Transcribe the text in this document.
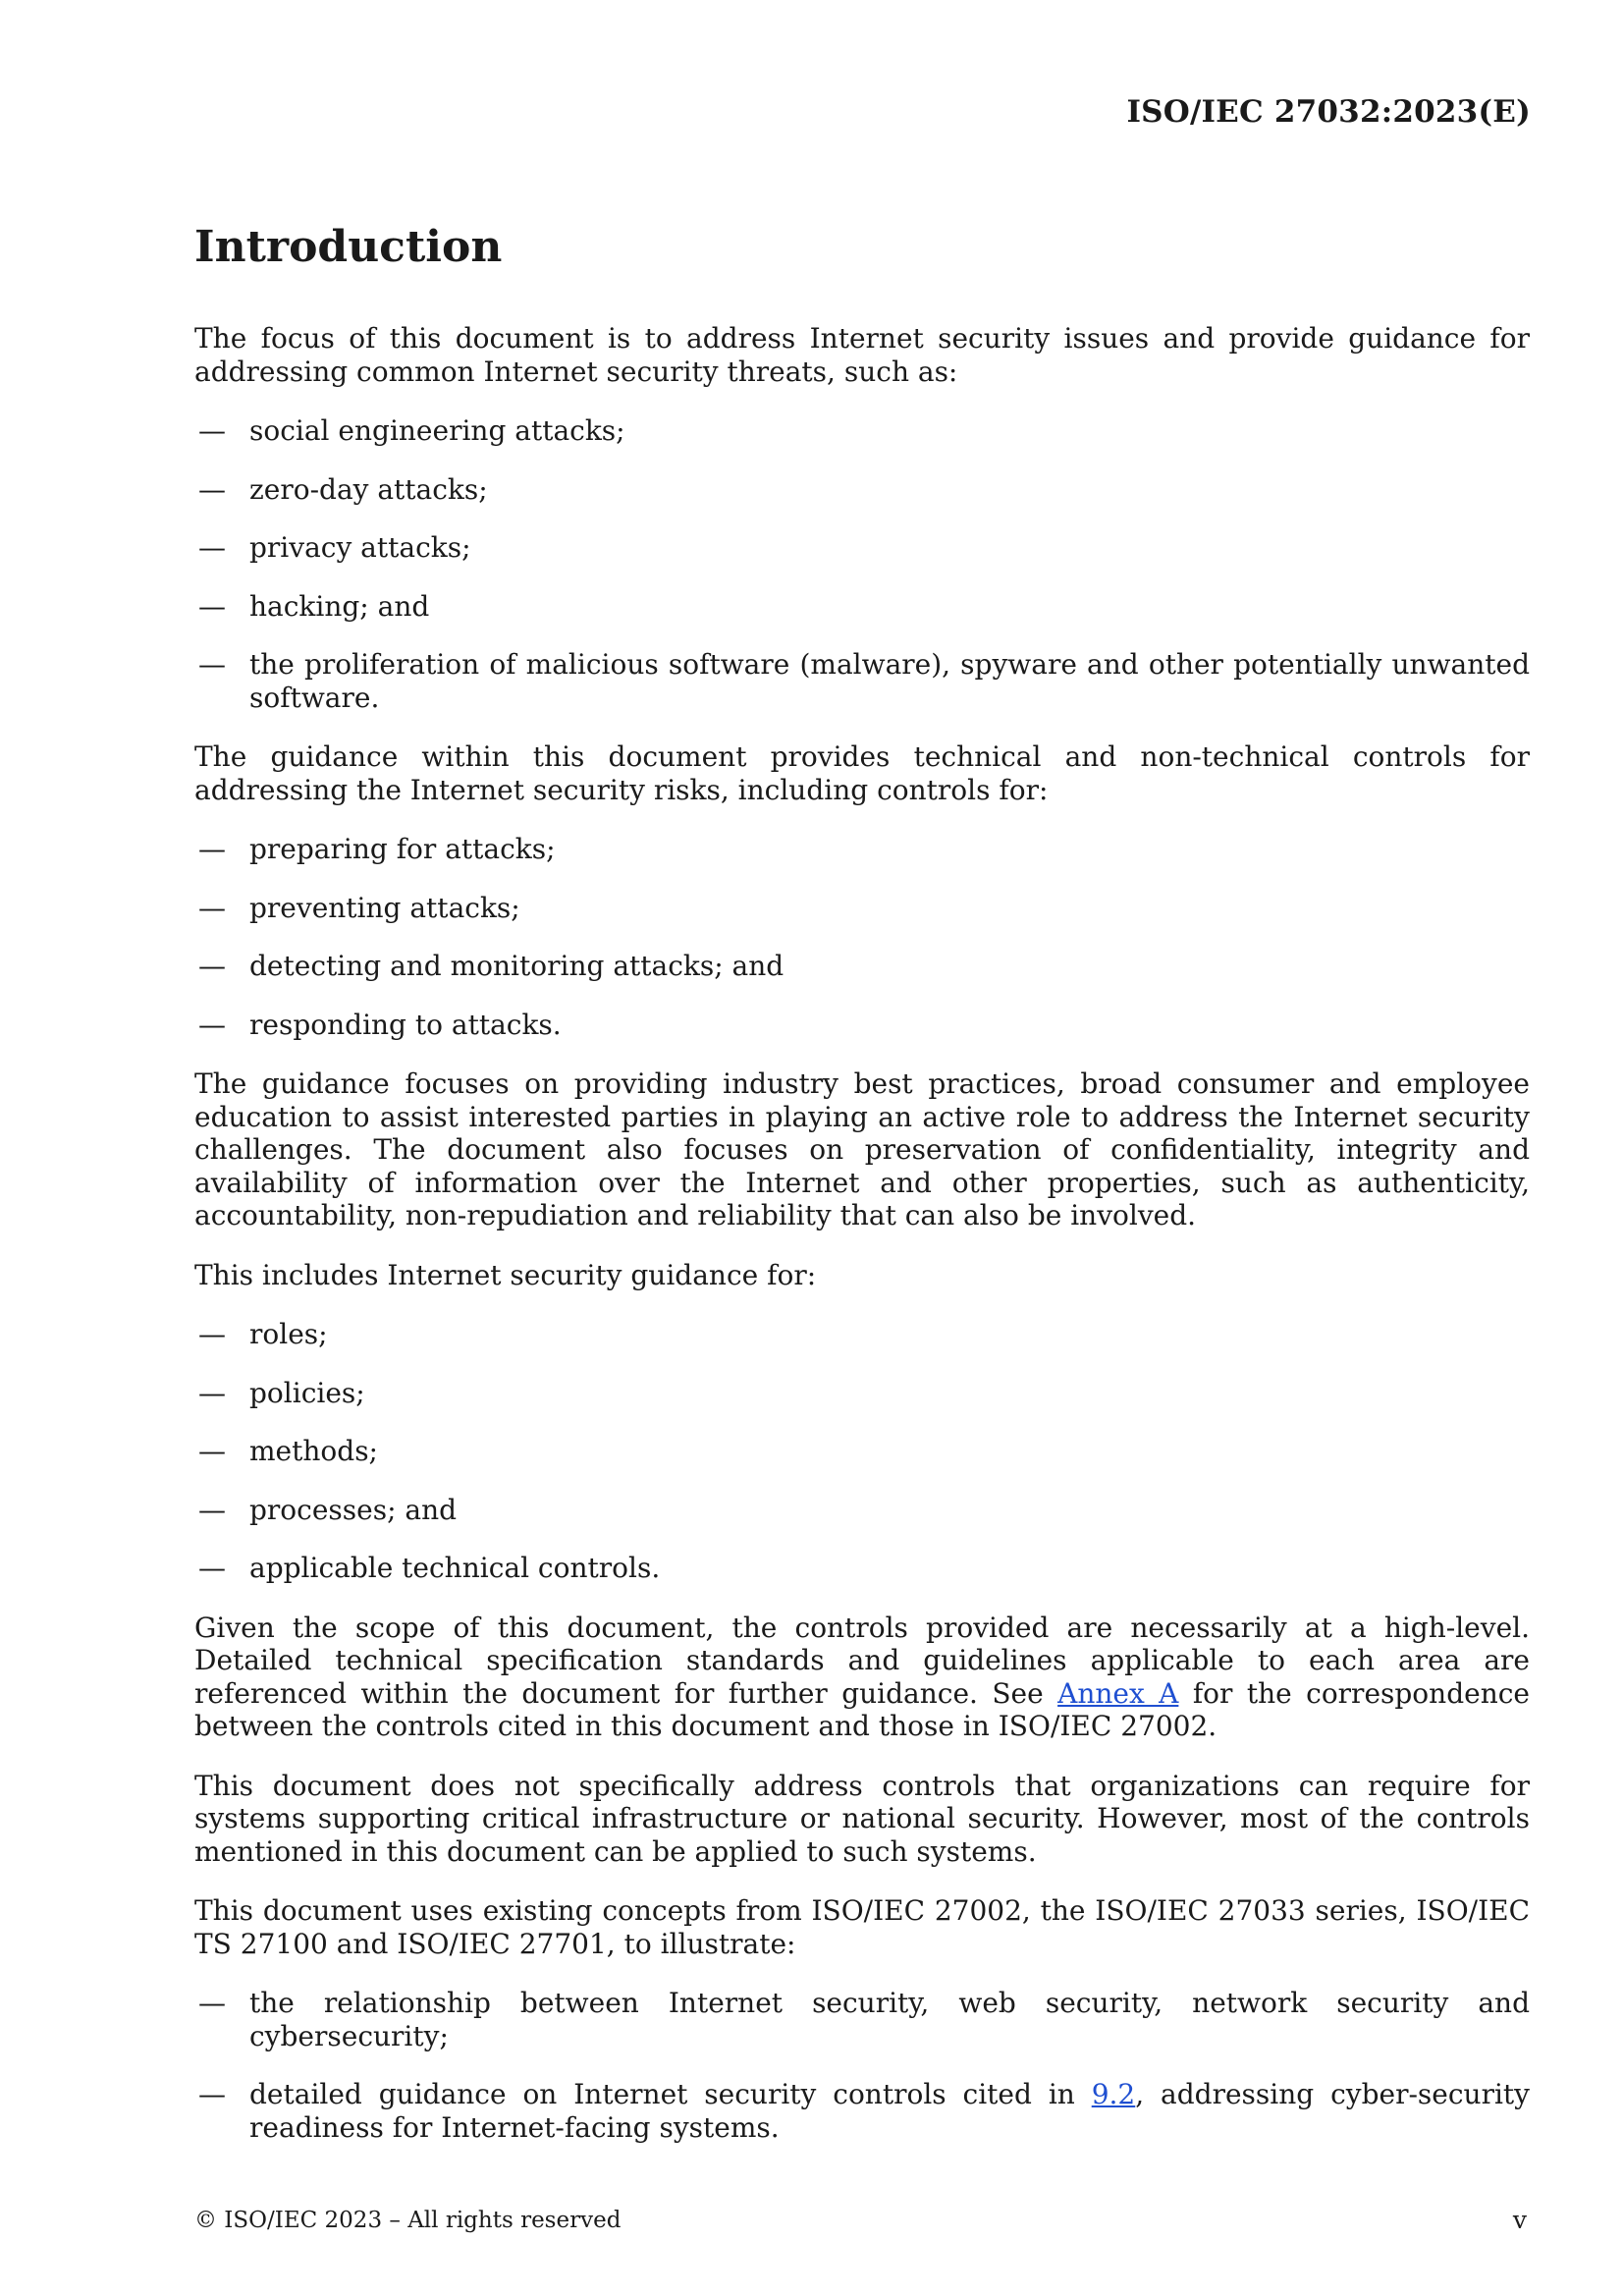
ISO/IEC 27032:2023(E)
Introduction

The focus of this document is to address Internet security issues and provide guidance for addressing common Internet security threats, such as:

— social engineering attacks;
— zero-day attacks;
— privacy attacks;
— hacking; and
— the proliferation of malicious software (malware), spyware and other potentially unwanted software.

The guidance within this document provides technical and non-technical controls for addressing the Internet security risks, including controls for:

— preparing for attacks;
— preventing attacks;
— detecting and monitoring attacks; and
— responding to attacks.

The guidance focuses on providing industry best practices, broad consumer and employee education to assist interested parties in playing an active role to address the Internet security challenges. The document also focuses on preservation of confidentiality, integrity and availability of information over the Internet and other properties, such as authenticity, accountability, non-repudiation and reliability that can also be involved.

This includes Internet security guidance for:

— roles;
— policies;
— methods;
— processes; and
— applicable technical controls.

Given the scope of this document, the controls provided are necessarily at a high-level. Detailed technical specification standards and guidelines applicable to each area are referenced within the document for further guidance. See Annex A for the correspondence between the controls cited in this document and those in ISO/IEC 27002.

This document does not specifically address controls that organizations can require for systems supporting critical infrastructure or national security. However, most of the controls mentioned in this document can be applied to such systems.

This document uses existing concepts from ISO/IEC 27002, the ISO/IEC 27033 series, ISO/IEC TS 27100 and ISO/IEC 27701, to illustrate:

— the relationship between Internet security, web security, network security and cybersecurity;
— detailed guidance on Internet security controls cited in 9.2, addressing cyber-security readiness for Internet-facing systems.
© ISO/IEC 2023 – All rights reserved	v
